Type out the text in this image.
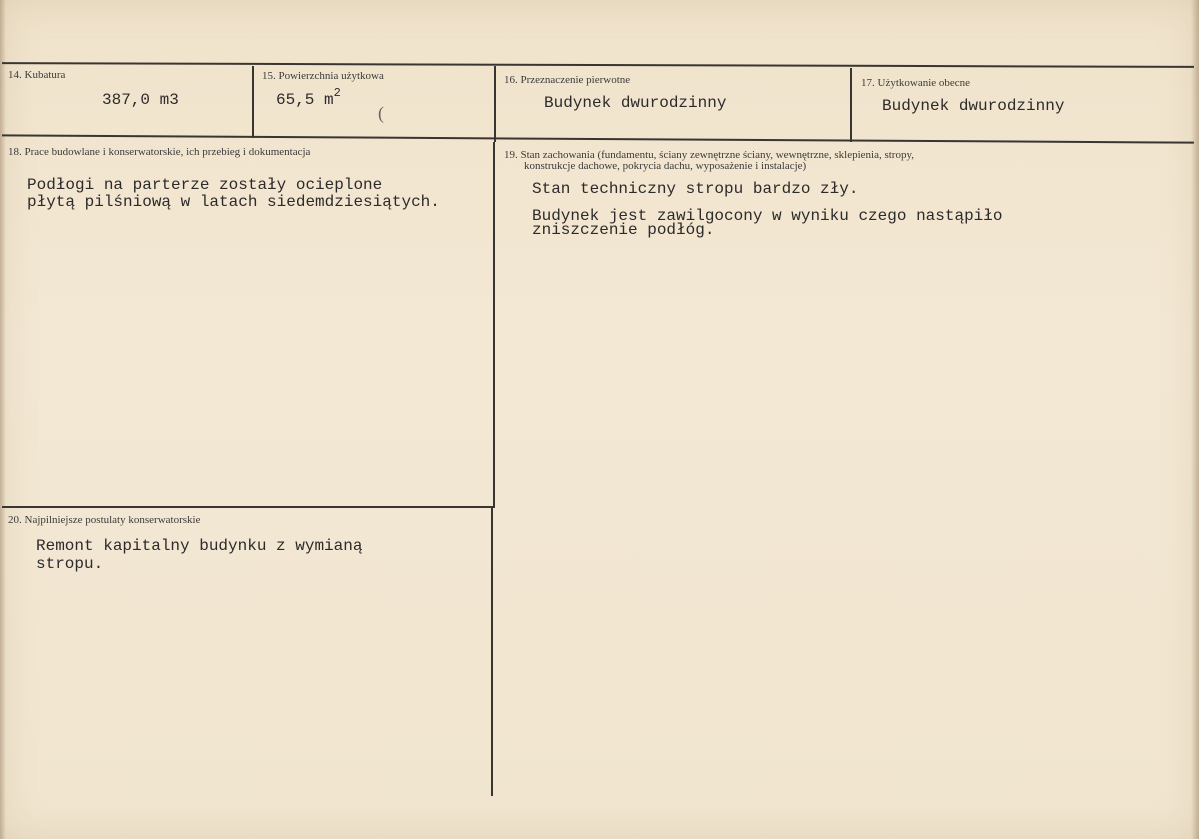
14. Kubatura
387,0 m3
15. Powierzchnia użytkowa
65,5 $m^2$
(
16. Przeznaczenie pierwotne
Budynek dwurodzinny
17. Użytkowanie obecne
Budynek dwurodzinny
18. Prace budowlane i konserwatorskie, ich przebieg i dokumentacja
Podłogi na parterze zostały ocieplone
płytą pilśniową w latach siedemdziesiątych.
19. Stan zachowania (fundamentu, ściany zewnętrzne ściany, wewnętrzne, sklepienia, stropy,
konstrukcje dachowe, pokrycia dachu, wyposażenie i instalacje)
Stan techniczny stropu bardzo zły.
Budynek jest zawilgocony w wyniku czego nastąpiło
zniszczenie podłóg.
20. Najpilniejsze postulaty konserwatorskie
Remont kapitalny budynku z wymianą
stropu.
